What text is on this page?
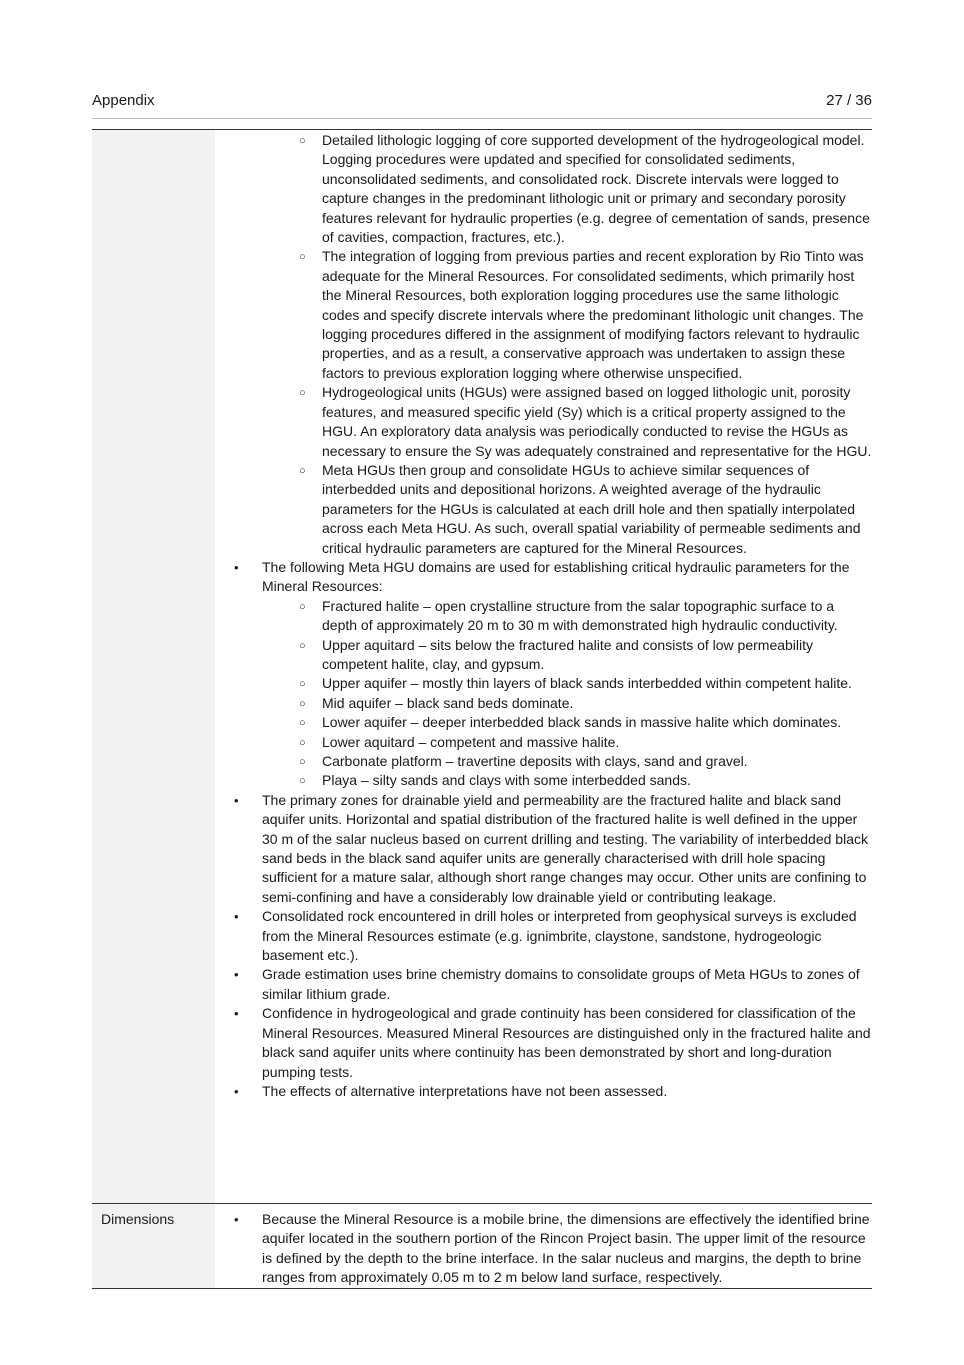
Appendix	27 / 36
○ Detailed lithologic logging of core supported development of the hydrogeological model. Logging procedures were updated and specified for consolidated sediments, unconsolidated sediments, and consolidated rock. Discrete intervals were logged to capture changes in the predominant lithologic unit or primary and secondary porosity features relevant for hydraulic properties (e.g. degree of cementation of sands, presence of cavities, compaction, fractures, etc.).
○ The integration of logging from previous parties and recent exploration by Rio Tinto was adequate for the Mineral Resources. For consolidated sediments, which primarily host the Mineral Resources, both exploration logging procedures use the same lithologic codes and specify discrete intervals where the predominant lithologic unit changes. The logging procedures differed in the assignment of modifying factors relevant to hydraulic properties, and as a result, a conservative approach was undertaken to assign these factors to previous exploration logging where otherwise unspecified.
○ Hydrogeological units (HGUs) were assigned based on logged lithologic unit, porosity features, and measured specific yield (Sy) which is a critical property assigned to the HGU. An exploratory data analysis was periodically conducted to revise the HGUs as necessary to ensure the Sy was adequately constrained and representative for the HGU.
○ Meta HGUs then group and consolidate HGUs to achieve similar sequences of interbedded units and depositional horizons. A weighted average of the hydraulic parameters for the HGUs is calculated at each drill hole and then spatially interpolated across each Meta HGU. As such, overall spatial variability of permeable sediments and critical hydraulic parameters are captured for the Mineral Resources.
• The following Meta HGU domains are used for establishing critical hydraulic parameters for the Mineral Resources:
○ Fractured halite – open crystalline structure from the salar topographic surface to a depth of approximately 20 m to 30 m with demonstrated high hydraulic conductivity.
○ Upper aquitard – sits below the fractured halite and consists of low permeability competent halite, clay, and gypsum.
○ Upper aquifer – mostly thin layers of black sands interbedded within competent halite.
○ Mid aquifer – black sand beds dominate.
○ Lower aquifer – deeper interbedded black sands in massive halite which dominates.
○ Lower aquitard – competent and massive halite.
○ Carbonate platform – travertine deposits with clays, sand and gravel.
○ Playa – silty sands and clays with some interbedded sands.
• The primary zones for drainable yield and permeability are the fractured halite and black sand aquifer units. Horizontal and spatial distribution of the fractured halite is well defined in the upper 30 m of the salar nucleus based on current drilling and testing. The variability of interbedded black sand beds in the black sand aquifer units are generally characterised with drill hole spacing sufficient for a mature salar, although short range changes may occur. Other units are confining to semi-confining and have a considerably low drainable yield or contributing leakage.
• Consolidated rock encountered in drill holes or interpreted from geophysical surveys is excluded from the Mineral Resources estimate (e.g. ignimbrite, claystone, sandstone, hydrogeologic basement etc.).
• Grade estimation uses brine chemistry domains to consolidate groups of Meta HGUs to zones of similar lithium grade.
• Confidence in hydrogeological and grade continuity has been considered for classification of the Mineral Resources. Measured Mineral Resources are distinguished only in the fractured halite and black sand aquifer units where continuity has been demonstrated by short and long-duration pumping tests.
• The effects of alternative interpretations have not been assessed.
Dimensions	• Because the Mineral Resource is a mobile brine, the dimensions are effectively the identified brine aquifer located in the southern portion of the Rincon Project basin. The upper limit of the resource is defined by the depth to the brine interface. In the salar nucleus and margins, the depth to brine ranges from approximately 0.05 m to 2 m below land surface, respectively.
